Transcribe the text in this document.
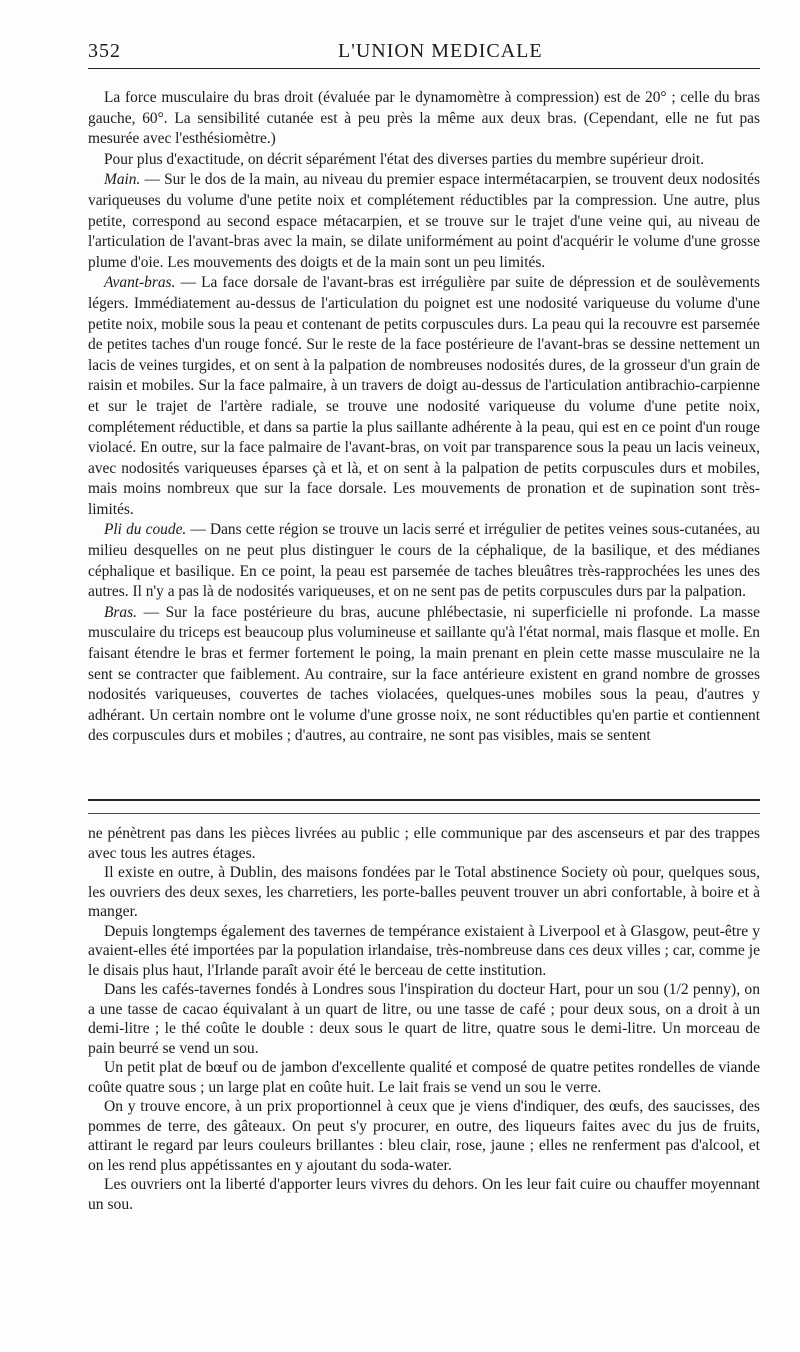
352	L'UNION MEDICALE

La force musculaire du bras droit (évaluée par le dynamomètre à compression) est de 20° ; celle du bras gauche, 60°. La sensibilité cutanée est à peu près la même aux deux bras. (Cependant, elle ne fut pas mesurée avec l'esthésiomètre.)

Pour plus d'exactitude, on décrit séparément l'état des diverses parties du membre supérieur droit.

Main. — Sur le dos de la main, au niveau du premier espace intermétacarpien, se trouvent deux nodosités variqueuses du volume d'une petite noix et complétement réductibles par la compression. Une autre, plus petite, correspond au second espace métacarpien, et se trouve sur le trajet d'une veine qui, au niveau de l'articulation de l'avant-bras avec la main, se dilate uniformément au point d'acquérir le volume d'une grosse plume d'oie. Les mouvements des doigts et de la main sont un peu limités.

Avant-bras. — La face dorsale de l'avant-bras est irrégulière par suite de dépression et de soulèvements légers. Immédiatement au-dessus de l'articulation du poignet est une nodosité variqueuse du volume d'une petite noix, mobile sous la peau et contenant de petits corpuscules durs. La peau qui la recouvre est parsemée de petites taches d'un rouge foncé. Sur le reste de la face postérieure de l'avant-bras se dessine nettement un lacis de veines turgides, et on sent à la palpation de nombreuses nodosités dures, de la grosseur d'un grain de raisin et mobiles. Sur la face palmaire, à un travers de doigt au-dessus de l'articulation antibrachio-carpienne et sur le trajet de l'artère radiale, se trouve une nodosité variqueuse du volume d'une petite noix, complétement réductible, et dans sa partie la plus saillante adhérente à la peau, qui est en ce point d'un rouge violacé. En outre, sur la face palmaire de l'avant-bras, on voit par transparence sous la peau un lacis veineux, avec nodosités variqueuses éparses çà et là, et on sent à la palpation de petits corpuscules durs et mobiles, mais moins nombreux que sur la face dorsale. Les mouvements de pronation et de supination sont très-limités.

Pli du coude. — Dans cette région se trouve un lacis serré et irrégulier de petites veines sous-cutanées, au milieu desquelles on ne peut plus distinguer le cours de la céphalique, de la basilique, et des médianes céphalique et basilique. En ce point, la peau est parsemée de taches bleuâtres très-rapprochées les unes des autres. Il n'y a pas là de nodosités variqueuses, et on ne sent pas de petits corpuscules durs par la palpation.

Bras. — Sur la face postérieure du bras, aucune phlébectasie, ni superficielle ni profonde. La masse musculaire du triceps est beaucoup plus volumineuse et saillante qu'à l'état normal, mais flasque et molle. En faisant étendre le bras et fermer fortement le poing, la main prenant en plein cette masse musculaire ne la sent se contracter que faiblement. Au contraire, sur la face antérieure existent en grand nombre de grosses nodosités variqueuses, couvertes de taches violacées, quelques-unes mobiles sous la peau, d'autres y adhérant. Un certain nombre ont le volume d'une grosse noix, ne sont réductibles qu'en partie et contiennent des corpuscules durs et mobiles ; d'autres, au contraire, ne sont pas visibles, mais se sentent

ne pénètrent pas dans les pièces livrées au public ; elle communique par des ascenseurs et par des trappes avec tous les autres étages.

Il existe en outre, à Dublin, des maisons fondées par le Total abstinence Society où pour, quelques sous, les ouvriers des deux sexes, les charretiers, les porte-balles peuvent trouver un abri confortable, à boire et à manger.

Depuis longtemps également des tavernes de tempérance existaient à Liverpool et à Glasgow, peut-être y avaient-elles été importées par la population irlandaise, très-nombreuse dans ces deux villes ; car, comme je le disais plus haut, l'Irlande paraît avoir été le berceau de cette institution.

Dans les cafés-tavernes fondés à Londres sous l'inspiration du docteur Hart, pour un sou (1/2 penny), on a une tasse de cacao équivalant à un quart de litre, ou une tasse de café ; pour deux sous, on a droit à un demi-litre ; le thé coûte le double : deux sous le quart de litre, quatre sous le demi-litre. Un morceau de pain beurré se vend un sou.

Un petit plat de bœuf ou de jambon d'excellente qualité et composé de quatre petites rondelles de viande coûte quatre sous ; un large plat en coûte huit. Le lait frais se vend un sou le verre.

On y trouve encore, à un prix proportionnel à ceux que je viens d'indiquer, des œufs, des saucisses, des pommes de terre, des gâteaux. On peut s'y procurer, en outre, des liqueurs faites avec du jus de fruits, attirant le regard par leurs couleurs brillantes : bleu clair, rose, jaune ; elles ne renferment pas d'alcool, et on les rend plus appétissantes en y ajoutant du soda-water.

Les ouvriers ont la liberté d'apporter leurs vivres du dehors. On les leur fait cuire ou chauffer moyennant un sou.
